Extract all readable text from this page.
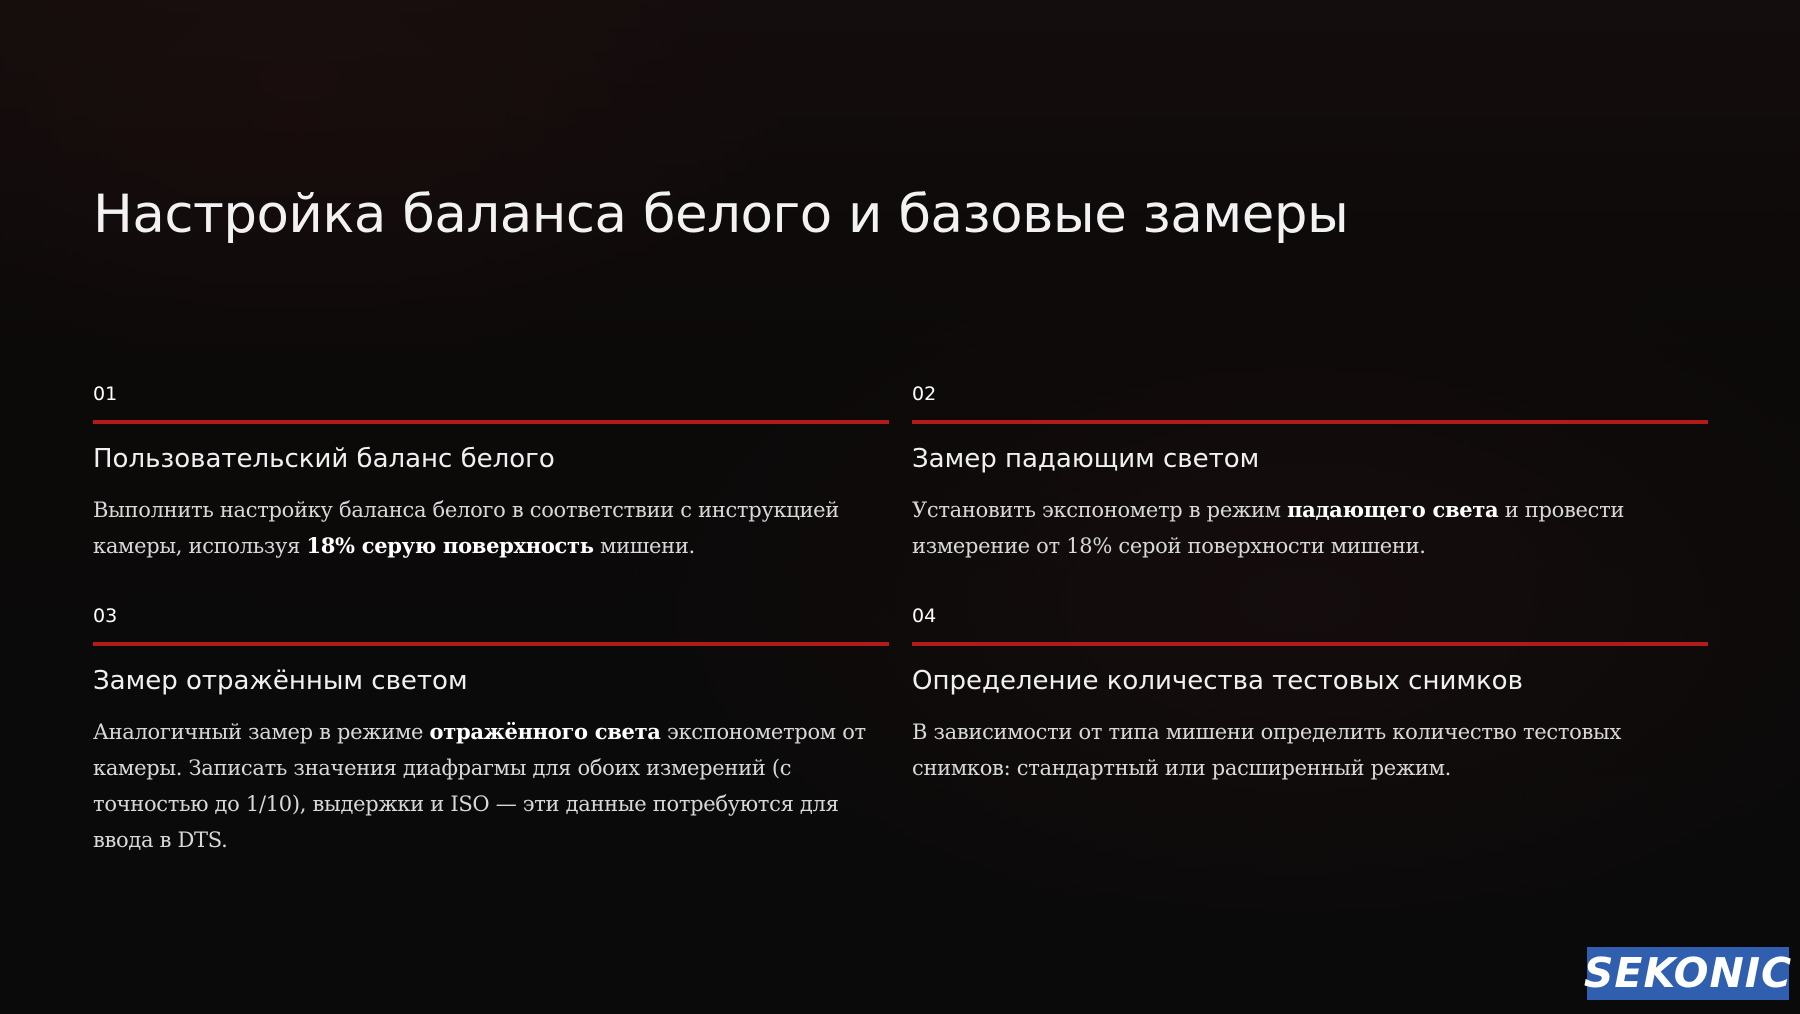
Настройка баланса белого и базовые замеры
01
Пользовательский баланс белого
Выполнить настройку баланса белого в соответствии с инструкцией камеры, используя 18% серую поверхность мишени.
02
Замер падающим светом
Установить экспонометр в режим падающего света и провести измерение от 18% серой поверхности мишени.
03
Замер отражённым светом
Аналогичный замер в режиме отражённого света экспонометром от камеры. Записать значения диафрагмы для обоих измерений (с точностью до 1/10), выдержки и ISO — эти данные потребуются для ввода в DTS.
04
Определение количества тестовых снимков
В зависимости от типа мишени определить количество тестовых снимков: стандартный или расширенный режим.
SEKONIC
